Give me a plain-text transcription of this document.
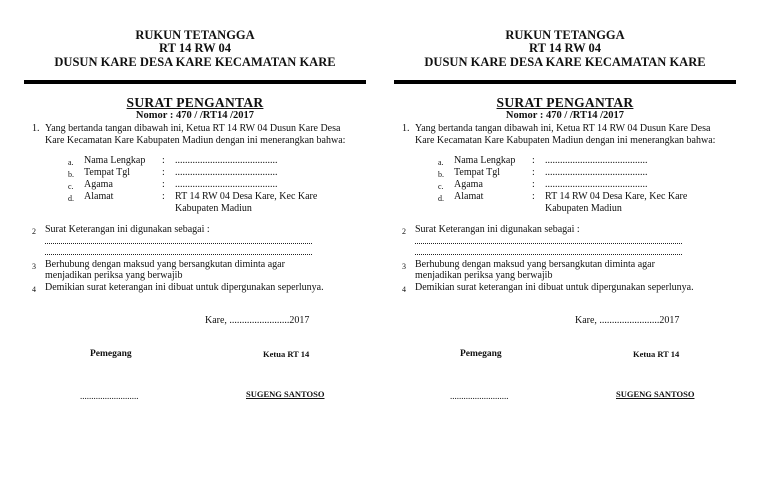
RUKUN TETANGGA
RT 14 RW 04
DUSUN KARE DESA KARE KECAMATAN KARE
SURAT PENGANTAR
Nomor : 470 / /RT14 /2017
1. Yang bertanda tangan dibawah ini, Ketua RT 14 RW 04 Dusun Kare Desa
Kare Kecamatan Kare Kabupaten Madiun dengan ini menerangkan bahwa:
a. Nama Lengkap : .........................................
b. Tempat Tgl	: .........................................
c. Agama	: .........................................
d. Alamat	: RT 14 RW 04 Desa Kare, Kec Kare
Kabupaten Madiun
2 Surat Keterangan ini digunakan sebagai :
3 Berhubung dengan maksud yang bersangkutan diminta agar
menjadikan periksa yang berwajib
4 Demikian surat keterangan ini dibuat untuk dipergunakan seperlunya.
Kare, ........................2017
Pemegang	Ketua RT 14
..........................	SUGENG SANTOSO
RUKUN TETANGGA
RT 14 RW 04
DUSUN KARE DESA KARE KECAMATAN KARE
SURAT PENGANTAR
Nomor : 470 / /RT14 /2017
1. Yang bertanda tangan dibawah ini, Ketua RT 14 RW 04 Dusun Kare Desa
Kare Kecamatan Kare Kabupaten Madiun dengan ini menerangkan bahwa:
a. Nama Lengkap : .........................................
b. Tempat Tgl	: .........................................
c. Agama	: .........................................
d. Alamat	: RT 14 RW 04 Desa Kare, Kec Kare
Kabupaten Madiun
2 Surat Keterangan ini digunakan sebagai :
3 Berhubung dengan maksud yang bersangkutan diminta agar
menjadikan periksa yang berwajib
4 Demikian surat keterangan ini dibuat untuk dipergunakan seperlunya.
Kare, ........................2017
Pemegang	Ketua RT 14
..........................	SUGENG SANTOSO
